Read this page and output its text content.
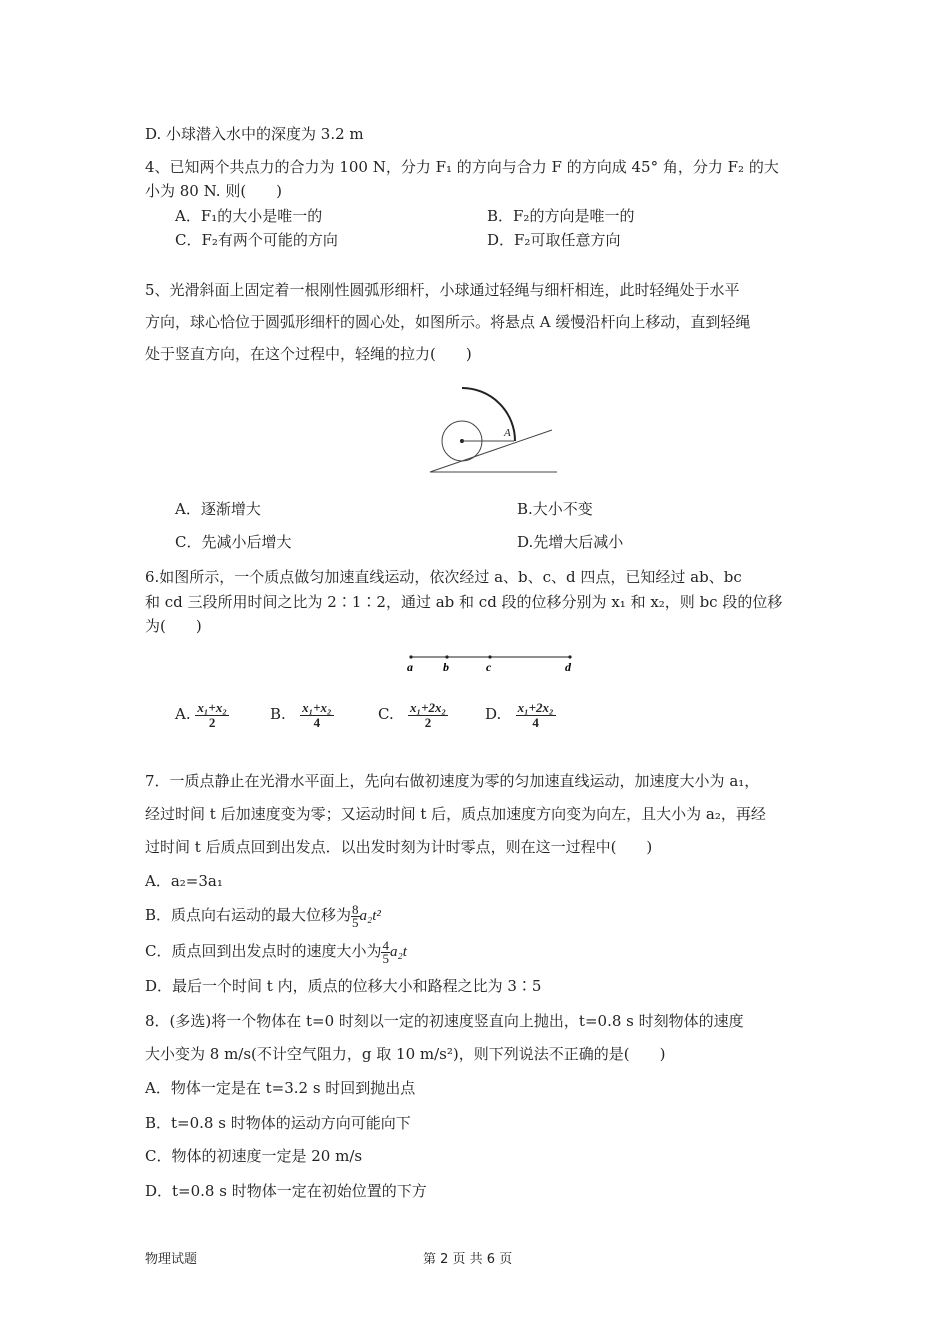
D. 小球潜入水中的深度为 3.2 m
4、已知两个共点力的合力为 100 N，分力 F₁ 的方向与合力 F 的方向成 45° 角，分力 F₂ 的大
小为 80 N. 则(　　)
A．F₁的大小是唯一的	B．F₂的方向是唯一的
C．F₂有两个可能的方向	D．F₂可取任意方向
5、光滑斜面上固定着一根刚性圆弧形细杆，小球通过轻绳与细杆相连，此时轻绳处于水平
方向，球心恰位于圆弧形细杆的圆心处，如图所示。将悬点 A 缓慢沿杆向上移动，直到轻绳
处于竖直方向，在这个过程中，轻绳的拉力(　　)
A
A．逐渐增大	B.大小不变
C．先减小后增大	D.先增大后减小
6.如图所示，一个质点做匀加速直线运动，依次经过 a、b、c、d 四点，已知经过 ab、bc
和 cd 三段所用时间之比为 2∶1∶2，通过 ab 和 cd 段的位移分别为 x₁ 和 x₂，则 bc 段的位移
为(　　)
a	b	c	d
A. $\frac{\text{x₁+x₂}}{2}$	B. $\frac{\text{x₁+x₂}}{4}$	C. $\frac{\text{x₁+2x₂}}{2} D$. $\frac{\text{x₁+2x₂}}{4}$
7．一质点静止在光滑水平面上，先向右做初速度为零的匀加速直线运动，加速度大小为 a₁，
经过时间 t 后加速度变为零；又运动时间 t 后，质点加速度方向变为向左，且大小为 a₂，再经
过时间 t 后质点回到出发点．以出发时刻为计时零点，则在这一过程中(　　)
A．a₂=3a₁
B．质点向右运动的最大位移为 $\frac{8}{5} a_2t^2$
C．质点回到出发点时的速度大小为 $\frac{4}{5} a_2t$
D．最后一个时间 t 内，质点的位移大小和路程之比为 3∶5
8．(多选)将一个物体在 t=0 时刻以一定的初速度竖直向上抛出，t=0.8 s 时刻物体的速度
大小变为 8 m/s(不计空气阻力，g 取 10 m/s²)，则下列说法不正确的是(　　)
A．物体一定是在 t=3.2 s 时回到抛出点
B．t=0.8 s 时物体的运动方向可能向下
C．物体的初速度一定是 20 m/s
D．t=0.8 s 时物体一定在初始位置的下方
物理试题	第 2 页 共 6 页
